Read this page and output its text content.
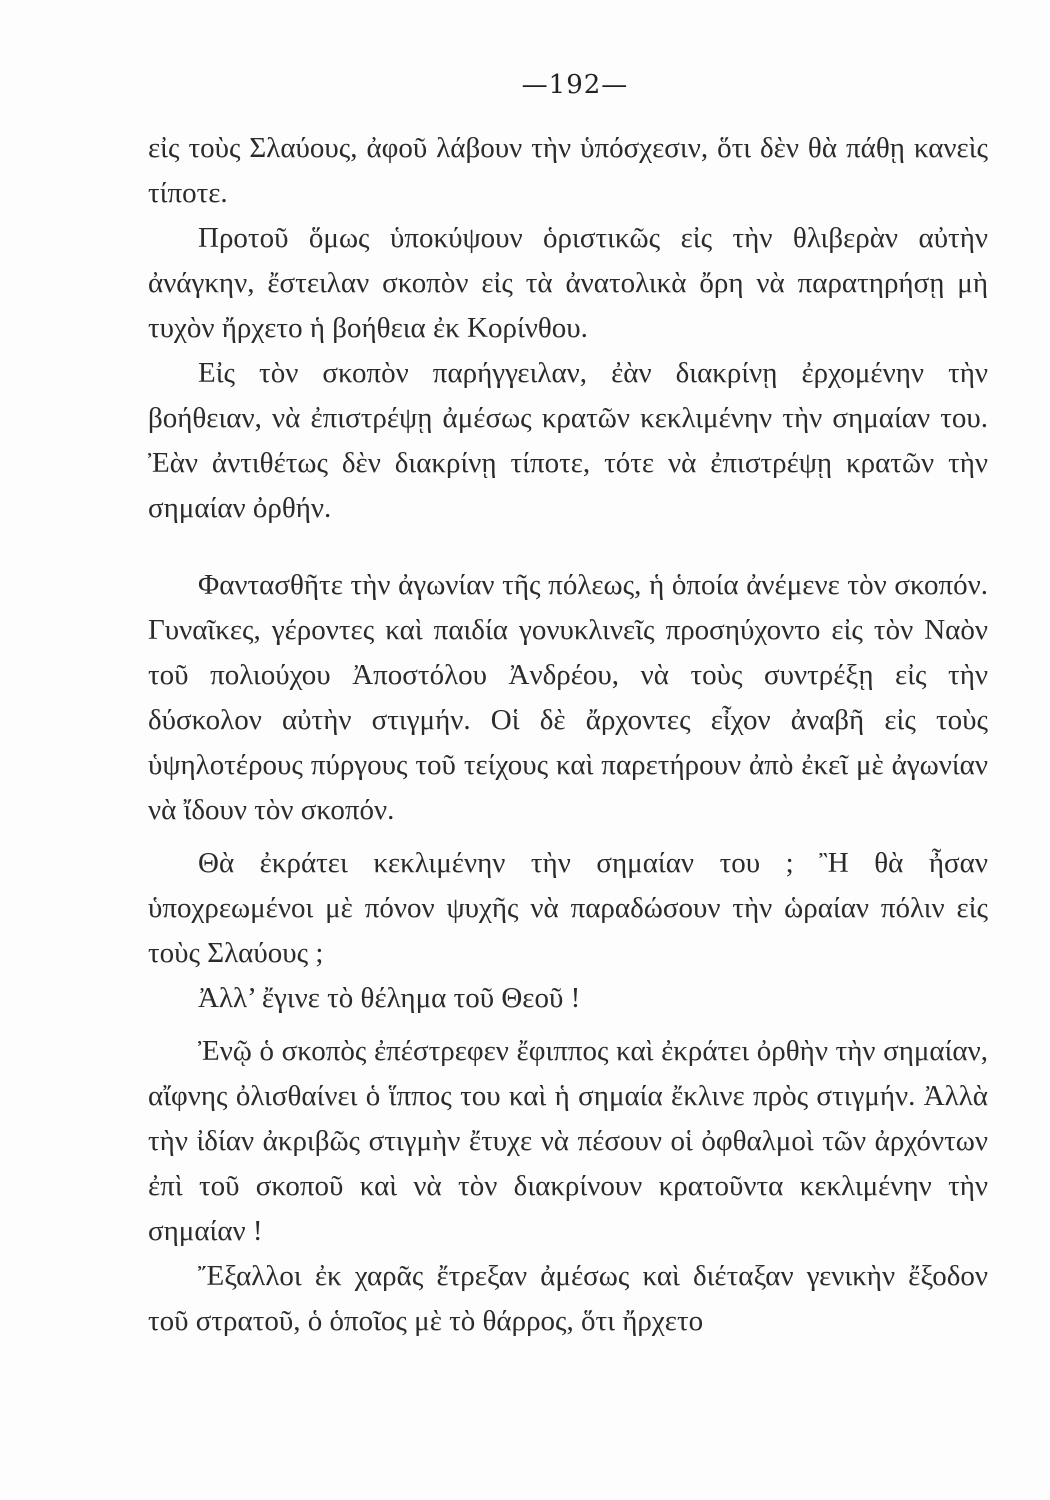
—192—

εἰς τοὺς Σλαύους, ἀφοῦ λάβουν τὴν ὑπόσχεσιν, ὅτι δὲν θὰ πάθῃ κανεὶς τίποτε.

Προτοῦ ὅμως ὑποκύψουν ὁριστικῶς εἰς τὴν θλιβερὰν αὐτὴν ἀνάγκην, ἔστειλαν σκοπὸν εἰς τὰ ἀνατολικὰ ὄρη νὰ παρατηρήσῃ μὴ τυχὸν ἤρχετο ἡ βοήθεια ἐκ Κορίνθου.

Εἰς τὸν σκοπὸν παρήγγειλαν, ἐὰν διακρίνῃ ἐρχομένην τὴν βοήθειαν, νὰ ἐπιστρέψῃ ἀμέσως κρατῶν κεκλιμένην τὴν σημαίαν του. Ἐὰν ἀντιθέτως δὲν διακρίνῃ τίποτε, τότε νὰ ἐπιστρέψῃ κρατῶν τὴν σημαίαν ὀρθήν.

Φαντασθῆτε τὴν ἀγωνίαν τῆς πόλεως, ἡ ὁποία ἀνέμενε τὸν σκοπόν. Γυναῖκες, γέροντες καὶ παιδία γονυκλινεῖς προσηύχοντο εἰς τὸν Ναὸν τοῦ πολιούχου Ἀποστόλου Ἀνδρέου, νὰ τοὺς συντρέξῃ εἰς τὴν δύσκολον αὐτὴν στιγμήν. Οἱ δὲ ἄρχοντες εἶχον ἀναβῆ εἰς τοὺς ὑψηλοτέρους πύργους τοῦ τείχους καὶ παρετήρουν ἀπὸ ἐκεῖ μὲ ἀγωνίαν νὰ ἴδουν τὸν σκοπόν.

Θὰ ἐκράτει κεκλιμένην τὴν σημαίαν του ; Ἢ θὰ ἦσαν ὑποχρεωμένοι μὲ πόνον ψυχῆς νὰ παραδώσουν τὴν ὡραίαν πόλιν εἰς τοὺς Σλαύους ;

Ἀλλ’ ἔγινε τὸ θέλημα τοῦ Θεοῦ !

Ἐνῷ ὁ σκοπὸς ἐπέστρεφεν ἔφιππος καὶ ἐκράτει ὀρθὴν τὴν σημαίαν, αἴφνης ὀλισθαίνει ὁ ἵππος του καὶ ἡ σημαία ἔκλινε πρὸς στιγμήν. Ἀλλὰ τὴν ἰδίαν ἀκριβῶς στιγμὴν ἔτυχε νὰ πέσουν οἱ ὀφθαλμοὶ τῶν ἀρχόντων ἐπὶ τοῦ σκοποῦ καὶ νὰ τὸν διακρίνουν κρατοῦντα κεκλιμένην τὴν σημαίαν !

Ἔξαλλοι ἐκ χαρᾶς ἔτρεξαν ἀμέσως καὶ διέταξαν γενικὴν ἔξοδον τοῦ στρατοῦ, ὁ ὁποῖος μὲ τὸ θάρρος, ὅτι ἤρχετο
